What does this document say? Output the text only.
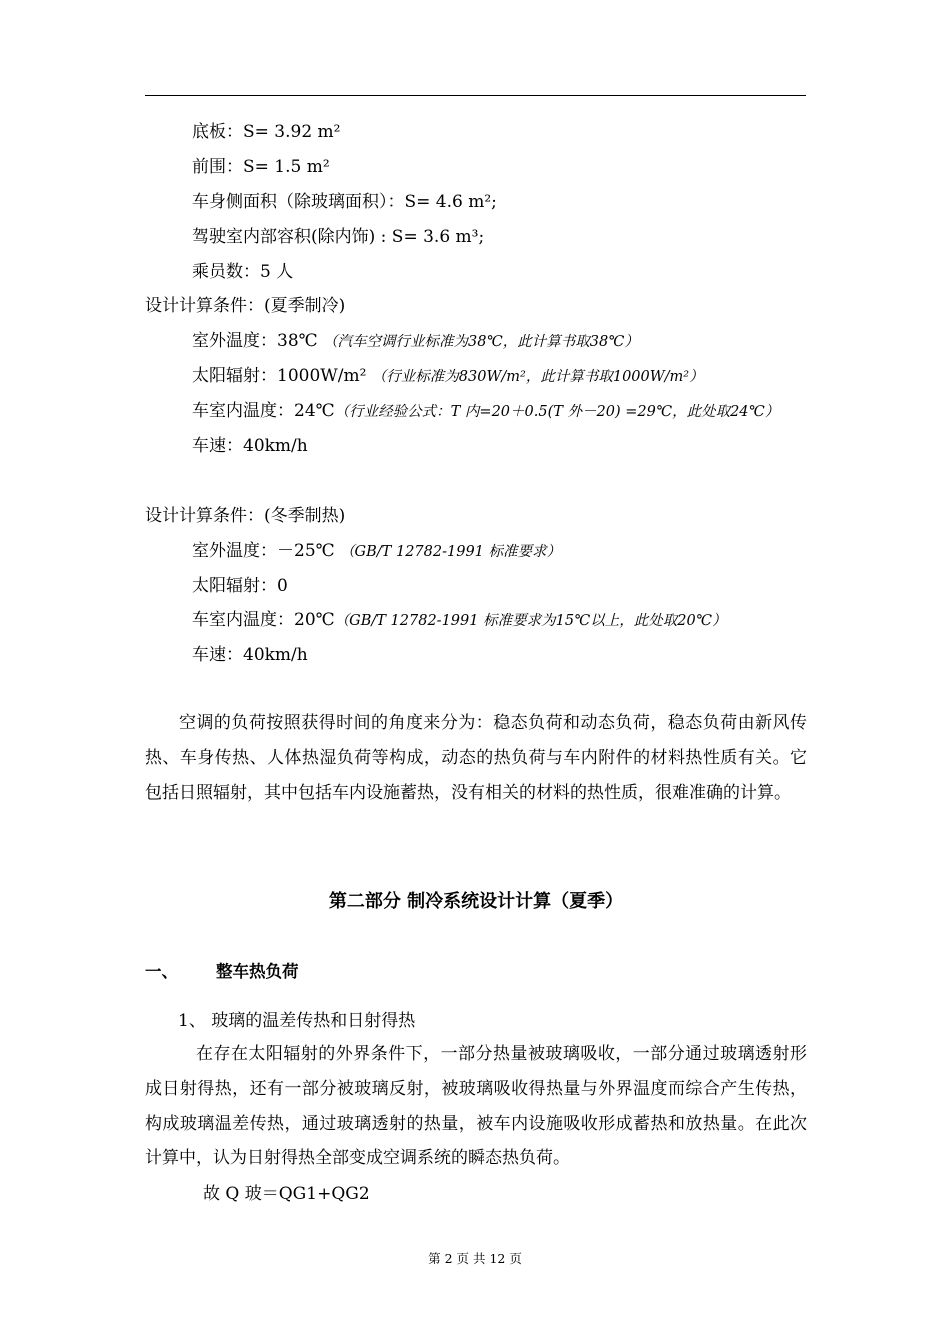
底板：S= 3.92 m²
前围：S= 1.5 m²
车身侧面积（除玻璃面积）：S= 4.6 m²;
驾驶室内部容积(除内饰) : S= 3.6 m³;
乘员数：5 人
设计计算条件：(夏季制冷)
室外温度：38℃ （汽车空调行业标准为38℃，此计算书取38℃）
太阳辐射：1000W/m² （行业标准为830W/m²，此计算书取1000W/m²）
车室内温度：24℃（行业经验公式：T 内=20＋0.5(T 外－20) =29℃，此处取24℃）
车速：40km/h
设计计算条件：(冬季制热)
室外温度：－25℃ （GB/T 12782-1991 标准要求）
太阳辐射：0
车室内温度：20℃（GB/T 12782-1991 标准要求为15℃以上，此处取20℃）
车速：40km/h

空调的负荷按照获得时间的角度来分为：稳态负荷和动态负荷，稳态负荷由新风传热、车身传热、人体热湿负荷等构成，动态的热负荷与车内附件的材料热性质有关。它包括日照辐射，其中包括车内设施蓄热，没有相关的材料的热性质，很难准确的计算。

第二部分 制冷系统设计计算（夏季）
一、 整车热负荷
1、 玻璃的温差传热和日射得热

在存在太阳辐射的外界条件下，一部分热量被玻璃吸收，一部分通过玻璃透射形成日射得热，还有一部分被玻璃反射，被玻璃吸收得热量与外界温度而综合产生传热，构成玻璃温差传热，通过玻璃透射的热量，被车内设施吸收形成蓄热和放热量。在此次计算中，认为日射得热全部变成空调系统的瞬态热负荷。

故 Q 玻＝QG1+QG2
第 2 页 共 12 页
